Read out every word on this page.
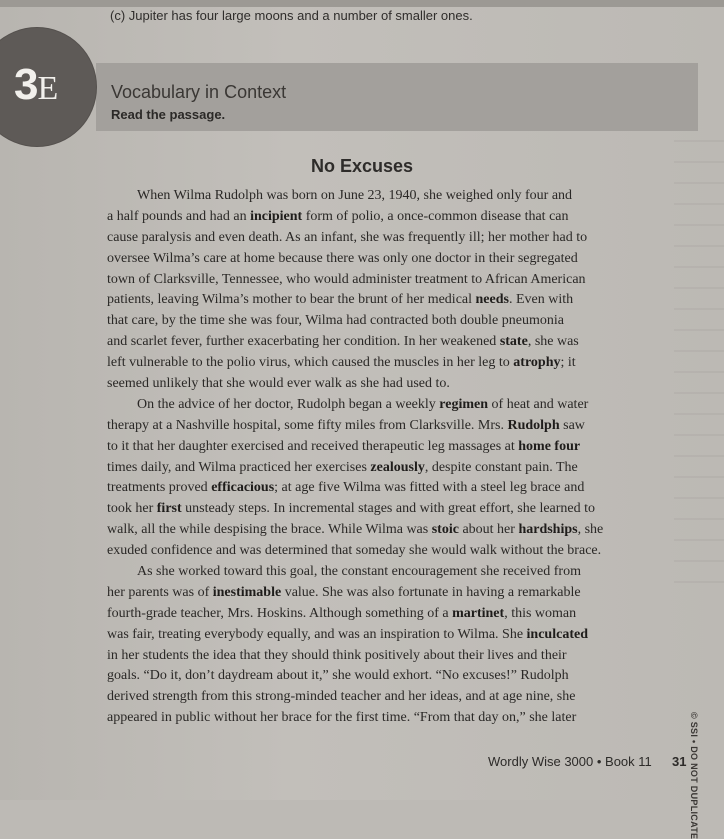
(c) Jupiter has four large moons and a number of smaller ones.
3E	Vocabulary in Context
Read the passage.
No Excuses
When Wilma Rudolph was born on June 23, 1940, she weighed only four and
a half pounds and had an incipient form of polio, a once-common disease that can
cause paralysis and even death. As an infant, she was frequently ill; her mother had to
oversee Wilma’s care at home because there was only one doctor in their segregated
town of Clarksville, Tennessee, who would administer treatment to African American
patients, leaving Wilma’s mother to bear the brunt of her medical needs. Even with
that care, by the time she was four, Wilma had contracted both double pneumonia
and scarlet fever, further exacerbating her condition. In her weakened state, she was
left vulnerable to the polio virus, which caused the muscles in her leg to atrophy; it
seemed unlikely that she would ever walk as she had used to.
On the advice of her doctor, Rudolph began a weekly regimen of heat and water
therapy at a Nashville hospital, some fifty miles from Clarksville. Mrs. Rudolph saw
to it that her daughter exercised and received therapeutic leg massages at home four
times daily, and Wilma practiced her exercises zealously, despite constant pain. The
treatments proved efficacious; at age five Wilma was fitted with a steel leg brace and
took her first unsteady steps. In incremental stages and with great effort, she learned to
walk, all the while despising the brace. While Wilma was stoic about her hardships, she
exuded confidence and was determined that someday she would walk without the brace.
As she worked toward this goal, the constant encouragement she received from
her parents was of inestimable value. She was also fortunate in having a remarkable
fourth-grade teacher, Mrs. Hoskins. Although something of a martinet, this woman
was fair, treating everybody equally, and was an inspiration to Wilma. She inculcated
in her students the idea that they should think positively about their lives and their
goals. “Do it, don’t daydream about it,” she would exhort. “No excuses!” Rudolph
derived strength from this strong-minded teacher and her ideas, and at age nine, she
appeared in public without her brace for the first time. “From that day on,” she later	© SSI • DO NOT DUPLICATE
Wordly Wise 3000 • Book 11 31
